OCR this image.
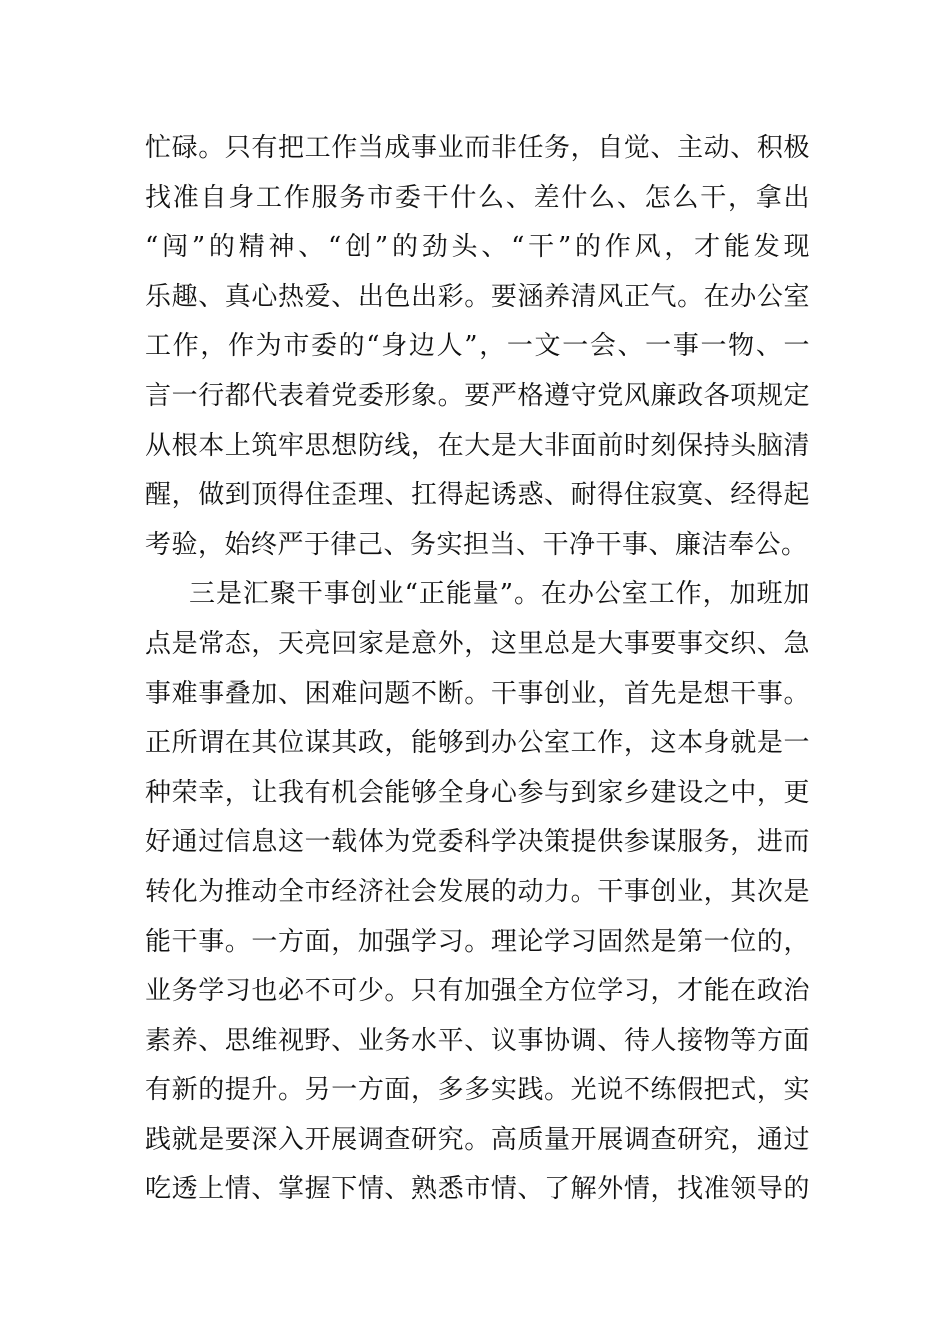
忙碌。只有把工作当成事业而非任务，自觉、主动、积极
找准自身工作服务市委干什么、差什么、怎么干，拿出
“闯”的精神、“创”的劲头、“干”的作风，才能发现
乐趣、真心热爱、出色出彩。要涵养清风正气。在办公室
工作，作为市委的“身边人”，一文一会、一事一物、一
言一行都代表着党委形象。要严格遵守党风廉政各项规定
从根本上筑牢思想防线，在大是大非面前时刻保持头脑清
醒，做到顶得住歪理、扛得起诱惑、耐得住寂寞、经得起
考验，始终严于律己、务实担当、干净干事、廉洁奉公。
三是汇聚干事创业“正能量”。在办公室工作，加班加
点是常态，天亮回家是意外，这里总是大事要事交织、急
事难事叠加、困难问题不断。干事创业，首先是想干事。
正所谓在其位谋其政，能够到办公室工作，这本身就是一
种荣幸，让我有机会能够全身心参与到家乡建设之中，更
好通过信息这一载体为党委科学决策提供参谋服务，进而
转化为推动全市经济社会发展的动力。干事创业，其次是
能干事。一方面，加强学习。理论学习固然是第一位的，
业务学习也必不可少。只有加强全方位学习，才能在政治
素养、思维视野、业务水平、议事协调、待人接物等方面
有新的提升。另一方面，多多实践。光说不练假把式，实
践就是要深入开展调查研究。高质量开展调查研究，通过
吃透上情、掌握下情、熟悉市情、了解外情，找准领导的
